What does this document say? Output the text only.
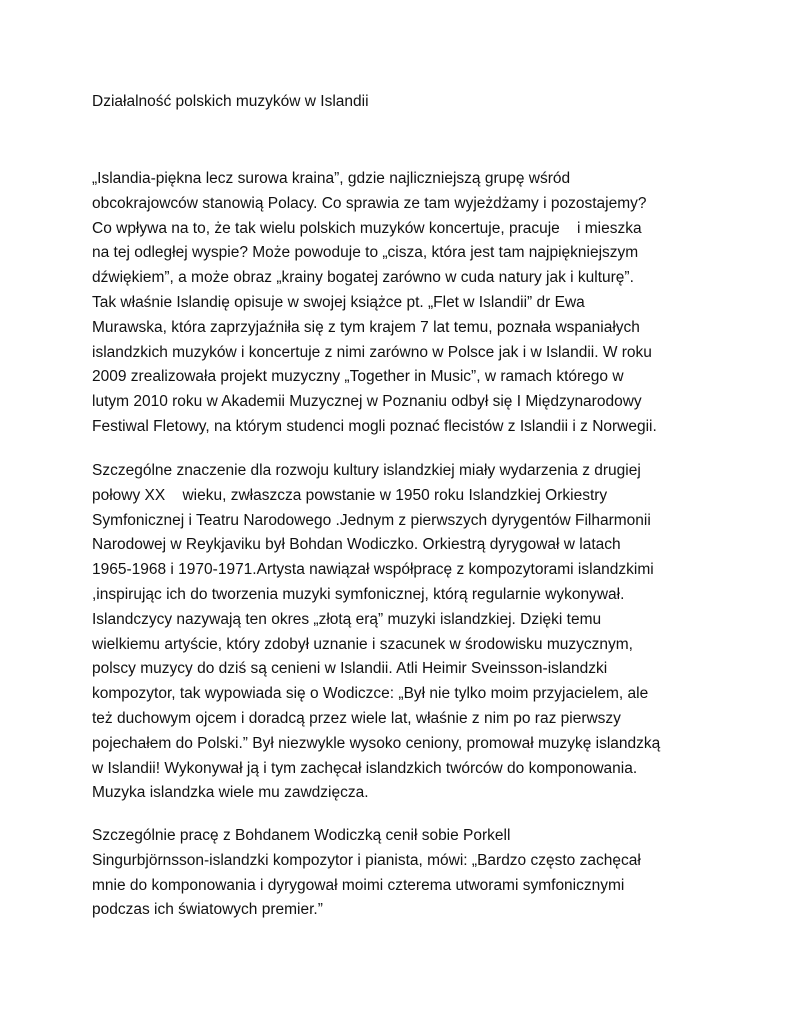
Działalność polskich muzyków w Islandii

„Islandia-piękna lecz surowa kraina”, gdzie najliczniejszą grupę wśród
obcokrajowców stanowią Polacy. Co sprawia ze tam wyjeżdżamy i pozostajemy?
Co wpływa na to, że tak wielu polskich muzyków koncertuje, pracuje    i mieszka
na tej odległej wyspie? Może powoduje to „cisza, która jest tam najpiękniejszym
dźwiękiem”, a może obraz „krainy bogatej zarówno w cuda natury jak i kulturę”.
Tak właśnie Islandię opisuje w swojej książce pt. „Flet w Islandii” dr Ewa
Murawska, która zaprzyjaźniła się z tym krajem 7 lat temu, poznała wspaniałych
islandzkich muzyków i koncertuje z nimi zarówno w Polsce jak i w Islandii. W roku
2009 zrealizowała projekt muzyczny „Together in Music”, w ramach którego w
lutym 2010 roku w Akademii Muzycznej w Poznaniu odbył się I Międzynarodowy
Festiwal Fletowy, na którym studenci mogli poznać flecistów z Islandii i z Norwegii.

Szczególne znaczenie dla rozwoju kultury islandzkiej miały wydarzenia z drugiej
połowy XX    wieku, zwłaszcza powstanie w 1950 roku Islandzkiej Orkiestry
Symfonicznej i Teatru Narodowego .Jednym z pierwszych dyrygentów Filharmonii
Narodowej w Reykjaviku był Bohdan Wodiczko. Orkiestrą dyrygował w latach
1965-1968 i 1970-1971.Artysta nawiązał współpracę z kompozytorami islandzkimi
,inspirując ich do tworzenia muzyki symfonicznej, którą regularnie wykonywał.
Islandczycy nazywają ten okres „złotą erą” muzyki islandzkiej. Dzięki temu
wielkiemu artyście, który zdobył uznanie i szacunek w środowisku muzycznym,
polscy muzycy do dziś są cenieni w Islandii. Atli Heimir Sveinsson-islandzki
kompozytor, tak wypowiada się o Wodiczce: „Był nie tylko moim przyjacielem, ale
też duchowym ojcem i doradcą przez wiele lat, właśnie z nim po raz pierwszy
pojechałem do Polski.” Był niezwykle wysoko ceniony, promował muzykę islandzką
w Islandii! Wykonywał ją i tym zachęcał islandzkich twórców do komponowania.
Muzyka islandzka wiele mu zawdzięcza.

Szczególnie pracę z Bohdanem Wodiczką cenił sobie Porkell
Singurbjörnsson-islandzki kompozytor i pianista, mówi: „Bardzo często zachęcał
mnie do komponowania i dyrygował moimi czterema utworami symfonicznymi
podczas ich światowych premier.”
